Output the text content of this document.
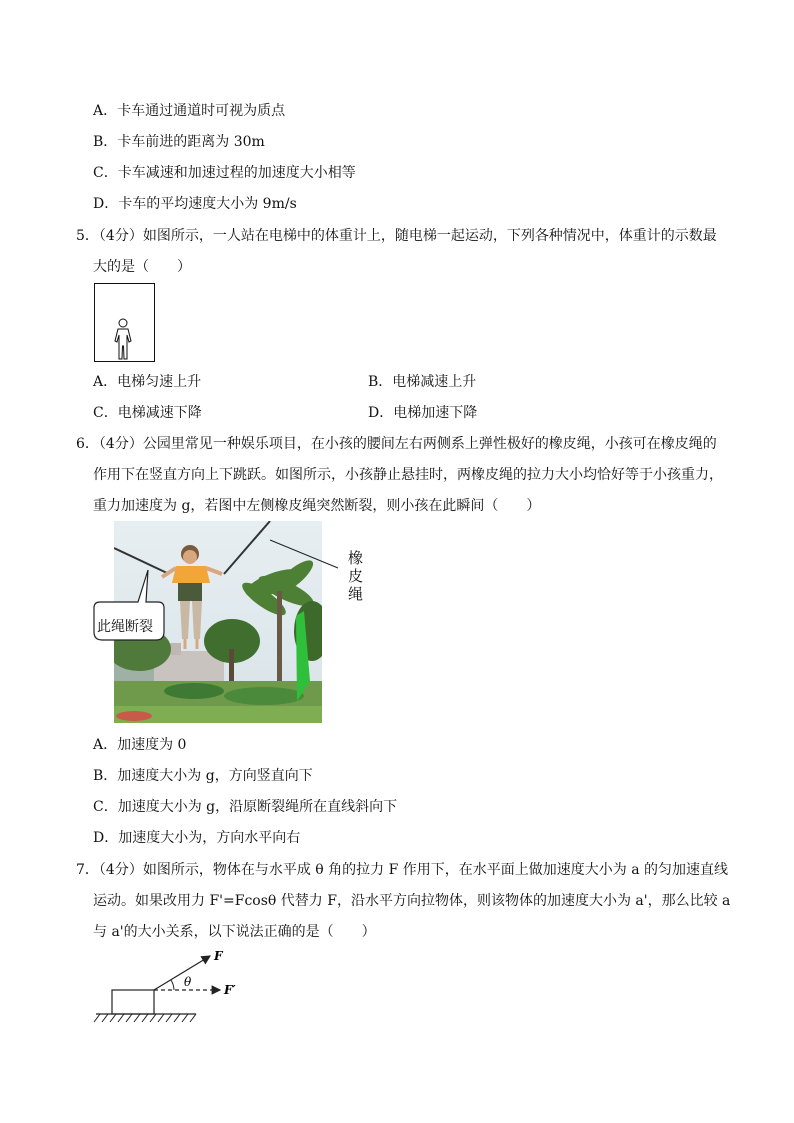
A．卡车通过通道时可视为质点
B．卡车前进的距离为 30m
C．卡车减速和加速过程的加速度大小相等
D．卡车的平均速度大小为 9m/s
5．（4分）如图所示，一人站在电梯中的体重计上，随电梯一起运动，下列各种情况中，体重计的示数最
大的是（　　）
A．电梯匀速上升	B．电梯减速上升
C．电梯减速下降	D．电梯加速下降
6．（4分）公园里常见一种娱乐项目，在小孩的腰间左右两侧系上弹性极好的橡皮绳，小孩可在橡皮绳的
作用下在竖直方向上下跳跃。如图所示，小孩静止悬挂时，两橡皮绳的拉力大小均恰好等于小孩重力，
重力加速度为 g，若图中左侧橡皮绳突然断裂，则小孩在此瞬间（　　）
此绳断裂
橡
皮
绳
A．加速度为 0
B．加速度大小为 g，方向竖直向下
C．加速度大小为 g，沿原断裂绳所在直线斜向下
D．加速度大小为，方向水平向右
7．（4分）如图所示，物体在与水平成 θ 角的拉力 F 作用下，在水平面上做加速度大小为 a 的匀加速直线
运动。如果改用力 F'=Fcosθ 代替力 F，沿水平方向拉物体，则该物体的加速度大小为 a'，那么比较 a
与 a'的大小关系，以下说法正确的是（　　）
θ
F
F′
